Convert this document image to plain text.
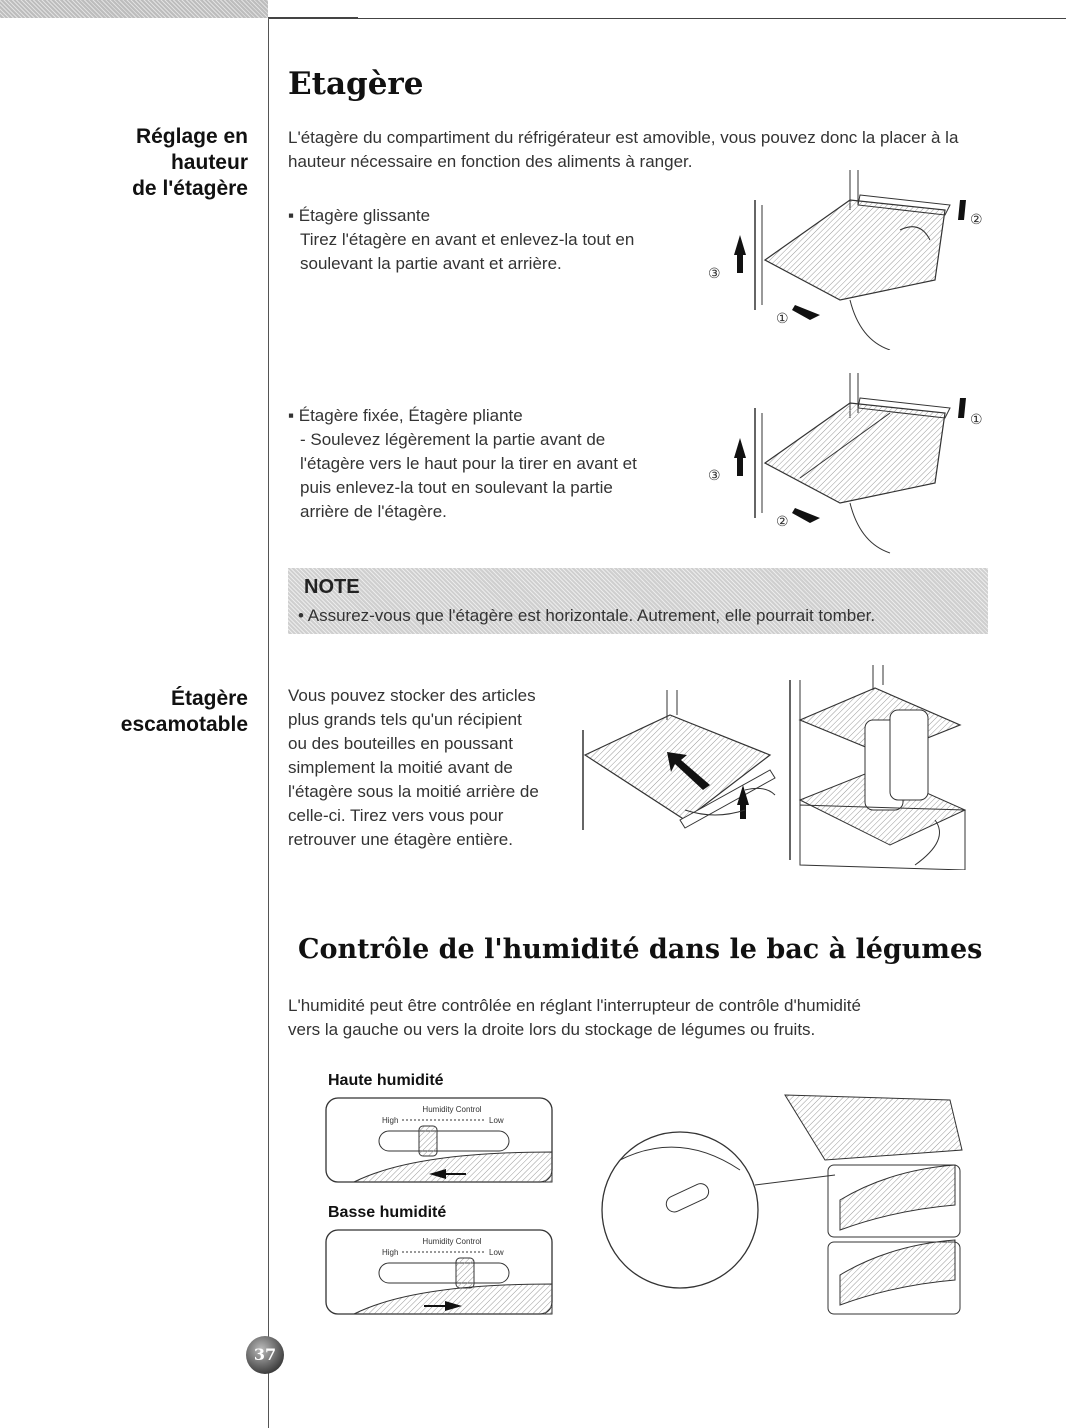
Réglage en
hauteur
de l'étagère
Étagère
escamotable
Etagère
L'étagère du compartiment du réfrigérateur est amovible, vous pouvez donc la placer à la hauteur nécessaire en fonction des aliments à ranger.
▪ Étagère glissante
Tirez l'étagère en avant et enlevez-la tout en
soulevant la partie avant et arrière.
②
③
①
▪ Étagère fixée, Étagère pliante
- Soulevez légèrement la partie avant de
l'étagère vers le haut pour la tirer en avant et
puis enlevez-la tout en soulevant la partie
arrière de l'étagère.
①
③
②
NOTE
• Assurez-vous que l'étagère est horizontale. Autrement, elle pourrait tomber.
Vous pouvez stocker des articles
plus grands tels qu'un récipient
ou des bouteilles en poussant
simplement la moitié avant de
l'étagère sous la moitié arrière de
celle-ci. Tirez vers vous pour
retrouver une étagère entière.
Contrôle de l'humidité dans le bac à légumes
L'humidité peut être contrôlée en réglant l'interrupteur de contrôle d'humidité
vers la gauche ou vers la droite lors du stockage de légumes ou fruits.
Haute humidité
Humidity Control
High	Low
Basse humidité
Humidity Control
High	Low
37
